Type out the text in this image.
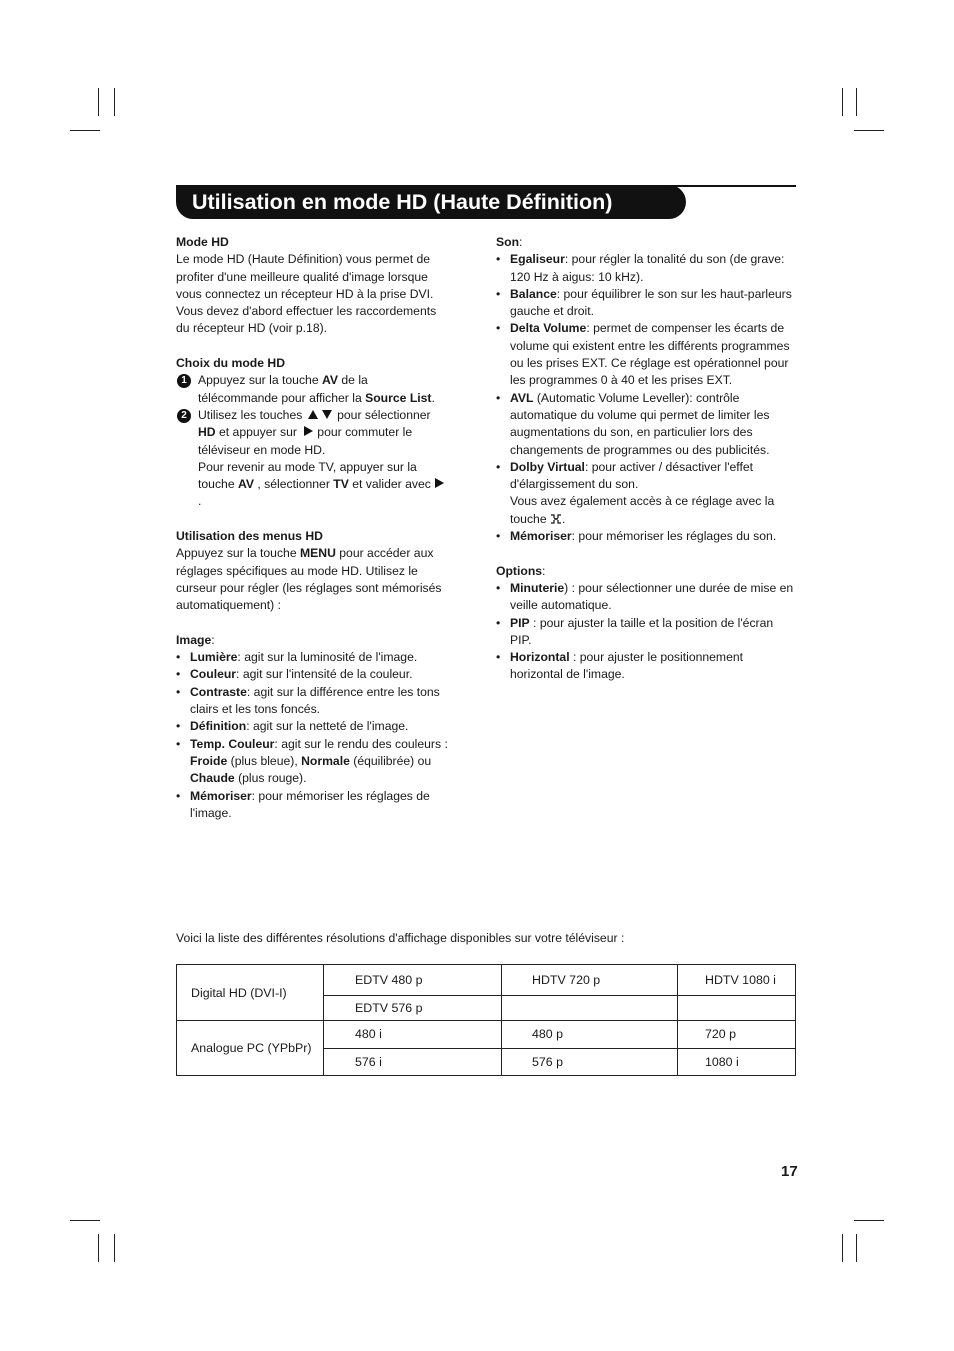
Utilisation en mode HD (Haute Définition)
Mode HD

Le mode HD (Haute Définition) vous permet de profiter d'une meilleure qualité d'image lorsque vous connectez un récepteur HD à la prise DVI. Vous devez d'abord effectuer les raccordements du récepteur HD (voir p.18).

Choix du mode HD
1 Appuyez sur la touche AV de la télécommande pour afficher la Source List.
2 Utilisez les touches	pour sélectionner HD et appuyer sur pour commuter le téléviseur en mode HD.
Pour revenir au mode TV, appuyer sur la touche AV , sélectionner TV et valider avec.
Utilisation des menus HD

Appuyez sur la touche MENU pour accéder aux réglages spécifiques au mode HD. Utilisez le curseur pour régler (les réglages sont mémorisés automatiquement) :

Image:
• Lumière: agit sur la luminosité de l'image.
• Couleur: agit sur l'intensité de la couleur.
• Contraste: agit sur la différence entre les tons clairs et les tons foncés.
• Définition: agit sur la netteté de l'image.
• Temp. Couleur: agit sur le rendu des couleurs : Froide (plus bleue), Normale (équilibrée) ou Chaude (plus rouge).
• Mémoriser: pour mémoriser les réglages de l'image.
Son:
• Egaliseur: pour régler la tonalité du son (de grave: 120 Hz à aigus: 10 kHz).
• Balance: pour équilibrer le son sur les haut-parleurs gauche et droit.
• Delta Volume: permet de compenser les écarts de volume qui existent entre les différents programmes ou les prises EXT. Ce réglage est opérationnel pour les programmes 0 à 40 et les prises EXT.
• AVL (Automatic Volume Leveller): contrôle automatique du volume qui permet de limiter les augmentations du son, en particulier lors des changements de programmes ou des publicités.
• Dolby Virtual: pour activer / désactiver l'effet d'élargissement du son.
Vous avez également accès à ce réglage avec la touche .
• Mémoriser: pour mémoriser les réglages du son.
Options:
• Minuterie) : pour sélectionner une durée de mise en veille automatique.
• PIP : pour ajuster la taille et la position de l'écran PIP.
• Horizontal : pour ajuster le positionnement horizontal de l'image.
Voici la liste des différentes résolutions d'affichage disponibles sur votre téléviseur :
Digital HD (DVI-I)	EDTV 480 p	HDTV 720 p	HDTV 1080 i
	EDTV 576 p		
Analogue PC (YPbPr)	480 i	480 p	720 p
	576 i	576 p	1080 i
17
